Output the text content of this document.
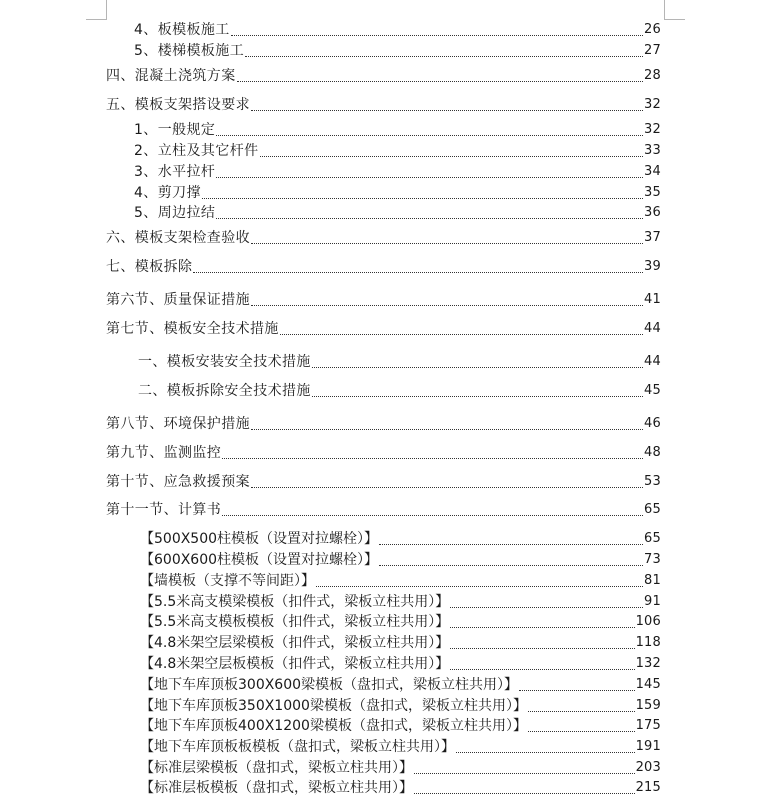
4、板模板施工	26
5、楼梯模板施工	27
四、混凝土浇筑方案	28
五、模板支架搭设要求	32
1、一般规定	32
2、立柱及其它杆件	33
3、水平拉杆	34
4、剪刀撑	35
5、周边拉结	36
六、模板支架检查验收	37
七、模板拆除	39
第六节、质量保证措施	41
第七节、模板安全技术措施	44
一、模板安装安全技术措施	44
二、模板拆除安全技术措施	45
第八节、环境保护措施	46
第九节、监测监控	48
第十节、应急救援预案	53
第十一节、计算书	65
【500X500柱模板（设置对拉螺栓）】	65
【600X600柱模板（设置对拉螺栓）】	73
【墙模板（支撑不等间距）】	81
【5.5米高支模梁模板（扣件式，梁板立柱共用）】	91
【5.5米高支模板模板（扣件式，梁板立柱共用）】	106
【4.8米架空层梁模板（扣件式，梁板立柱共用）】	118
【4.8米架空层板模板（扣件式，梁板立柱共用）】	132
【地下车库顶板300X600梁模板（盘扣式，梁板立柱共用）】	145
【地下车库顶板350X1000梁模板（盘扣式，梁板立柱共用）】	159
【地下车库顶板400X1200梁模板（盘扣式，梁板立柱共用）】	175
【地下车库顶板板模板（盘扣式，梁板立柱共用）】	191
【标准层梁模板（盘扣式，梁板立柱共用）】	203
【标准层板模板（盘扣式，梁板立柱共用）】	215
